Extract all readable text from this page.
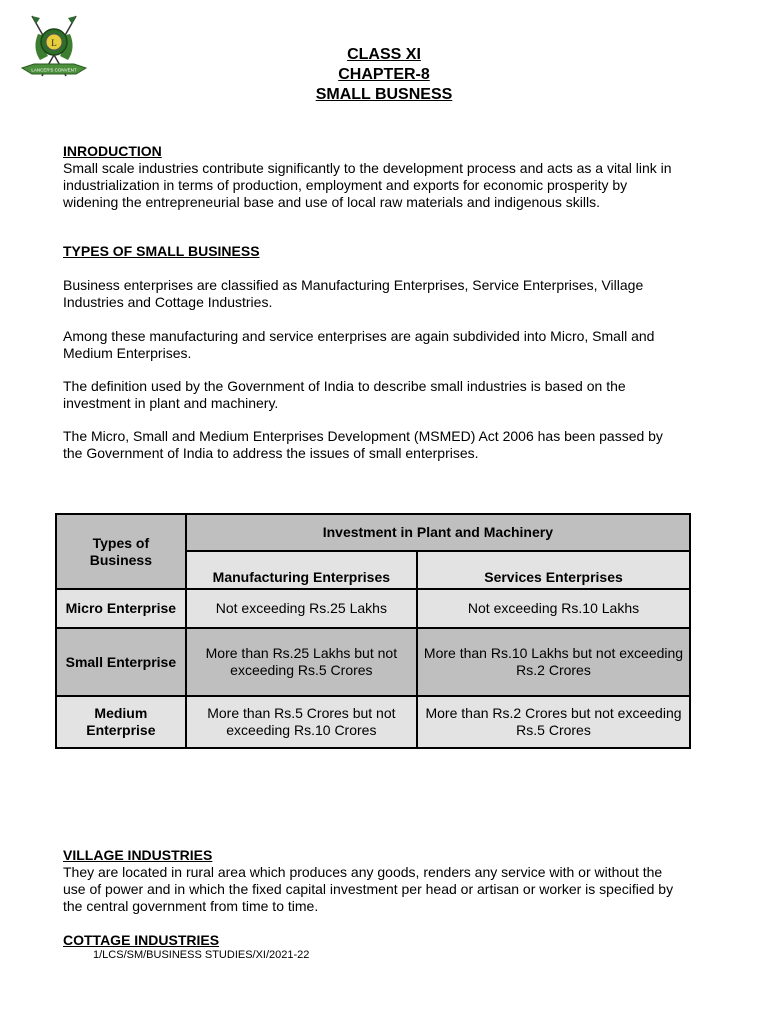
L
LANCER'S CONVENT
CLASS XI
CHAPTER-8
SMALL BUSNESS
INRODUCTION
Small scale industries contribute significantly to the development process and acts as a vital link in industrialization in terms of production, employment and exports for economic prosperity by widening the entrepreneurial base and use of local raw materials and indigenous skills.
TYPES OF SMALL BUSINESS
Business enterprises are classified as Manufacturing Enterprises, Service Enterprises, Village Industries and Cottage Industries.
Among these manufacturing and service enterprises are again subdivided into Micro, Small and Medium Enterprises.
The definition used by the Government of India to describe small industries is based on the investment in plant and machinery.
The Micro, Small and Medium Enterprises Development (MSMED) Act 2006 has been passed by the Government of India to address the issues of small enterprises.
Types of Business	Investment in Plant and Machinery	
	Manufacturing Enterprises	Services Enterprises
Micro Enterprise	Not exceeding Rs.25 Lakhs	Not exceeding Rs.10 Lakhs
Small Enterprise	More than Rs.25 Lakhs but not exceeding Rs.5 Crores	More than Rs.10 Lakhs but not exceeding Rs.2 Crores
Medium Enterprise	More than Rs.5 Crores but not exceeding Rs.10 Crores	More than Rs.2 Crores but not exceeding Rs.5 Crores
VILLAGE INDUSTRIES
They are located in rural area which produces any goods, renders any service with or without the use of power and in which the fixed capital investment per head or artisan or worker is specified by the central government from time to time.
COTTAGE INDUSTRIES
1/LCS/SM/BUSINESS STUDIES/XI/2021-22
